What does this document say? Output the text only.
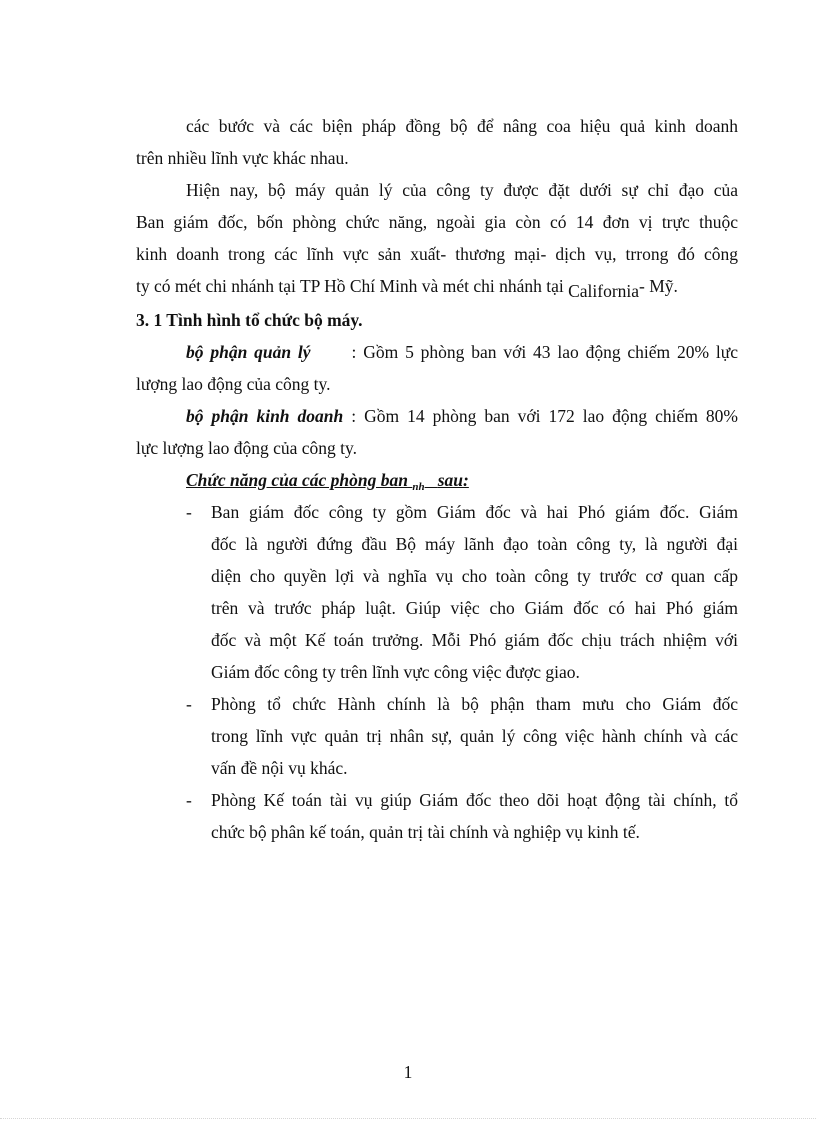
các bước và các biện pháp đồng bộ để nâng coa hiệu quả kinh doanh
trên nhiều lĩnh vực khác nhau.
Hiện nay, bộ máy quản lý của công ty được đặt dưới sự chỉ đạo của
Ban giám đốc, bốn phòng chức năng, ngoài gia còn có 14 đơn vị trực thuộc
kinh doanh trong các lĩnh vực sản xuất- thương mại- dịch vụ, trrong đó công
ty có mét chi nhánh tại TP Hồ Chí Minh và mét chi nhánh tại California- Mỹ.
3. 1 Tình hình tổ chức bộ máy.
bộ phận quản lý : Gồm 5 phòng ban với 43 lao động chiếm 20% lực
lượng lao động của công ty.
bộ phận kinh doanh : Gồm 14 phòng ban với 172 lao động chiếm 80%
lực lượng lao động của công ty.
Chức năng của các phòng ban $_{nh}$ sau:
- Ban giám đốc công ty gồm Giám đốc và hai Phó giám đốc. Giám
đốc là người đứng đầu Bộ máy lãnh đạo toàn công ty, là người đại
diện cho quyền lợi và nghĩa vụ cho toàn công ty trước cơ quan cấp
trên và trước pháp luật. Giúp việc cho Giám đốc có hai Phó giám
đốc và một Kế toán trưởng. Mỗi Phó giám đốc chịu trách nhiệm với
Giám đốc công ty trên lĩnh vực công việc được giao.
- Phòng tổ chức Hành chính là bộ phận tham mưu cho Giám đốc
trong lĩnh vực quản trị nhân sự, quản lý công việc hành chính và các
vấn đề nội vụ khác.
- Phòng Kế toán tài vụ giúp Giám đốc theo dõi hoạt động tài chính, tổ
chức bộ phân kế toán, quản trị tài chính và nghiệp vụ kinh tế.
1
